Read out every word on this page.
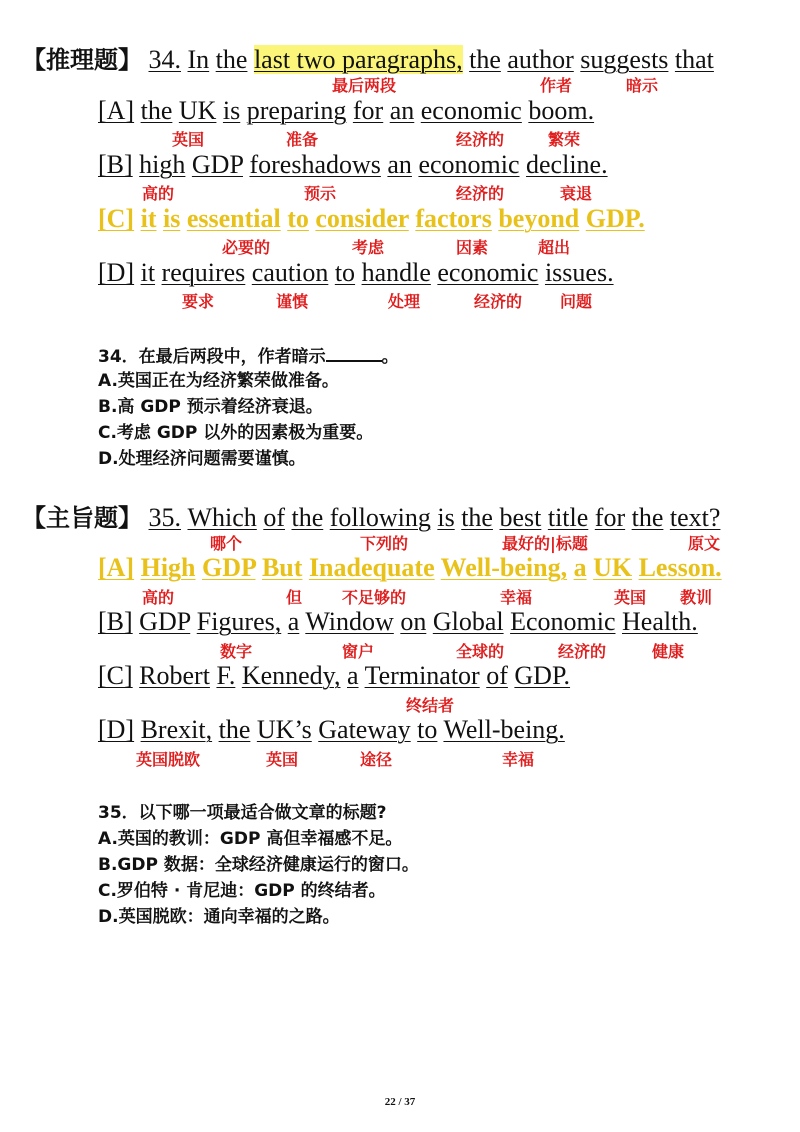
【推理题】 34. In the last two paragraphs, the author suggests that
最后两段	作者	暗示
[A] the UK is preparing for an economic boom.
英国	准备	经济的	繁荣
[B] high GDP foreshadows an economic decline.
高的	预示	经济的	衰退
[C] it is essential to consider factors beyond GDP.
必要的	考虑	因素	超出
[D] it requires caution to handle economic issues.
要求	谨慎	处理	经济的 问题
34．在最后两段中，作者暗示	。
A.英国正在为经济繁荣做准备。
B.高 GDP 预示着经济衰退。
C.考虑 GDP 以外的因素极为重要。
D.处理经济问题需要谨慎。
【主旨题】 35. Which of the following is the best title for the text?
哪个	下列的	最好的|标题	原文
[A] High GDP But Inadequate Well-being, a UK Lesson.
高的	但 不足够的	幸福	英国 教训
[B] GDP Figures, a Window on Global Economic Health.
数字	窗户	全球的	经济的	健康
[C] Robert F. Kennedy, a Terminator of GDP.
终结者
[D] Brexit, the UK’s Gateway to Well-being.
英国脱欧	英国	途径	幸福
35．以下哪一项最适合做文章的标题?
A.英国的教训：GDP 高但幸福感不足。
B.GDP 数据：全球经济健康运行的窗口。
C.罗伯特 · 肯尼迪：GDP 的终结者。
D.英国脱欧：通向幸福的之路。
22 / 37
